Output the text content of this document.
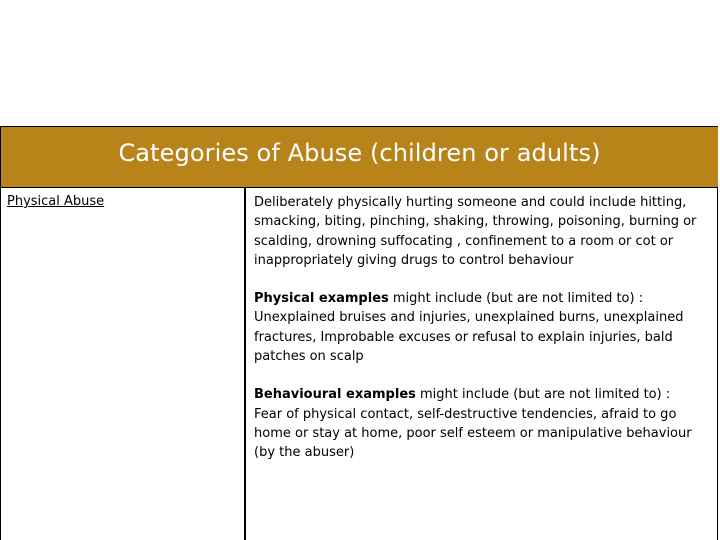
Categories of Abuse (children or adults)
Physical Abuse	Deliberately physically hurting someone and could include hitting, smacking, biting, pinching, shaking, throwing, poisoning, burning or scalding, drowning suffocating , confinement to a room or cot or inappropriately giving drugs to control behaviour

Physical examples might include (but are not limited to) :
Unexplained bruises and injuries, unexplained burns, unexplained fractures, Improbable excuses or refusal to explain injuries, bald patches on scalp

Behavioural examples might include (but are not limited to) :
Fear of physical contact, self-destructive tendencies, afraid to go home or stay at home, poor self esteem or manipulative behaviour (by the abuser)
